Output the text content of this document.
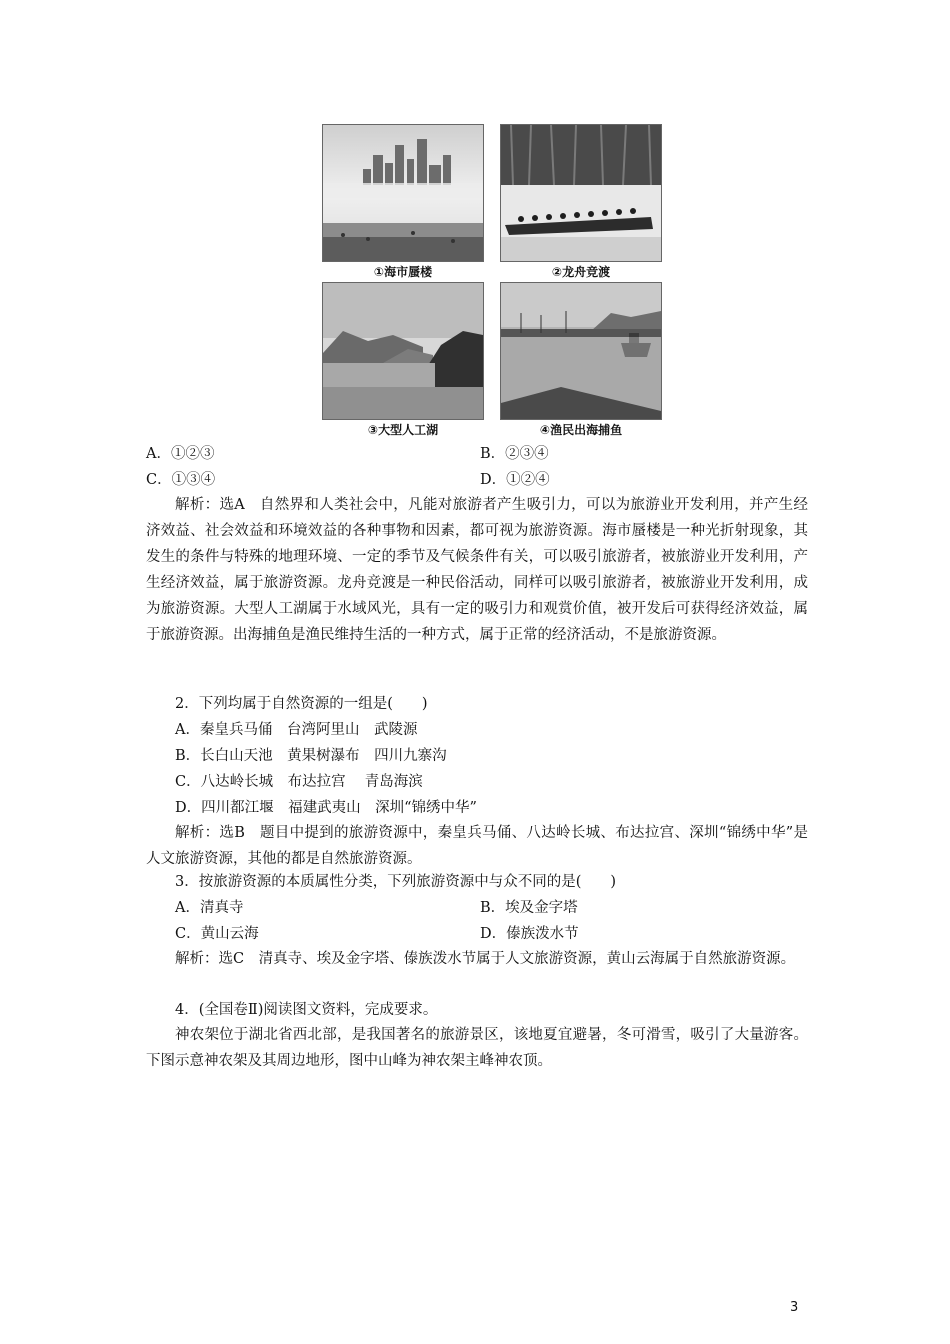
①海市蜃楼	②龙舟竞渡
③大型人工湖	④渔民出海捕鱼
A．①②③	B．②③④
C．①③④	D．①②④
解析：选A　自然界和人类社会中，凡能对旅游者产生吸引力，可以为旅游业开发利用，并产生经济效益、社会效益和环境效益的各种事物和因素，都可视为旅游资源。海市蜃楼是一种光折射现象，其发生的条件与特殊的地理环境、一定的季节及气候条件有关，可以吸引旅游者，被旅游业开发利用，产生经济效益，属于旅游资源。龙舟竞渡是一种民俗活动，同样可以吸引旅游者，被旅游业开发利用，成为旅游资源。大型人工湖属于水域风光，具有一定的吸引力和观赏价值，被开发后可获得经济效益，属于旅游资源。出海捕鱼是渔民维持生活的一种方式，属于正常的经济活动，不是旅游资源。
2．下列均属于自然资源的一组是(　　)
A．秦皇兵马俑　台湾阿里山　武陵源
B．长白山天池　黄果树瀑布　四川九寨沟
C．八达岭长城　布达拉宫　 青岛海滨
D．四川都江堰　福建武夷山　深圳“锦绣中华”
解析：选B　题目中提到的旅游资源中，秦皇兵马俑、八达岭长城、布达拉宫、深圳“锦绣中华”是人文旅游资源，其他的都是自然旅游资源。
3．按旅游资源的本质属性分类，下列旅游资源中与众不同的是(　　)
A．清真寺	B．埃及金字塔
C．黄山云海	D．傣族泼水节
解析：选C　清真寺、埃及金字塔、傣族泼水节属于人文旅游资源，黄山云海属于自然旅游资源。
4．(全国卷Ⅱ)阅读图文资料，完成要求。
神农架位于湖北省西北部，是我国著名的旅游景区，该地夏宜避暑，冬可滑雪，吸引了大量游客。下图示意神农架及其周边地形，图中山峰为神农架主峰神农顶。
3
